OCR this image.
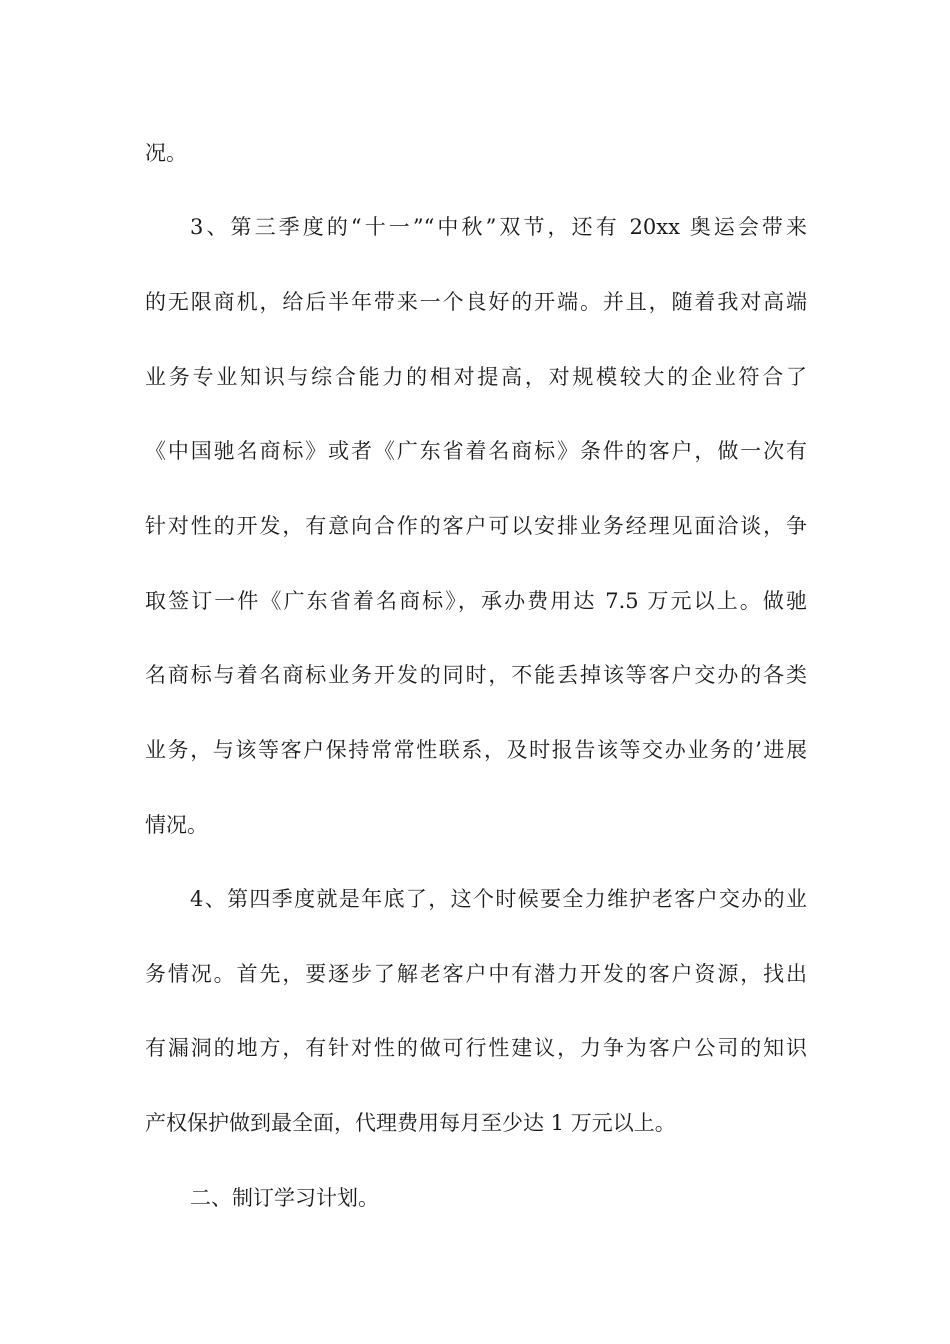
况。
3、第三季度的“十一”“中秋”双节，还有 20xx 奥运会带来
的无限商机，给后半年带来一个良好的开端。并且，随着我对高端
业务专业知识与综合能力的相对提高，对规模较大的企业符合了
《中国驰名商标》或者《广东省着名商标》条件的客户，做一次有
针对性的开发，有意向合作的客户可以安排业务经理见面洽谈，争
取签订一件《广东省着名商标》，承办费用达 7.5 万元以上。做驰
名商标与着名商标业务开发的同时，不能丢掉该等客户交办的各类
业务，与该等客户保持常常性联系，及时报告该等交办业务的’进展
情况。
4、第四季度就是年底了，这个时候要全力维护老客户交办的业
务情况。首先，要逐步了解老客户中有潜力开发的客户资源，找出
有漏洞的地方，有针对性的做可行性建议，力争为客户公司的知识
产权保护做到最全面，代理费用每月至少达 1 万元以上。
二、制订学习计划。
